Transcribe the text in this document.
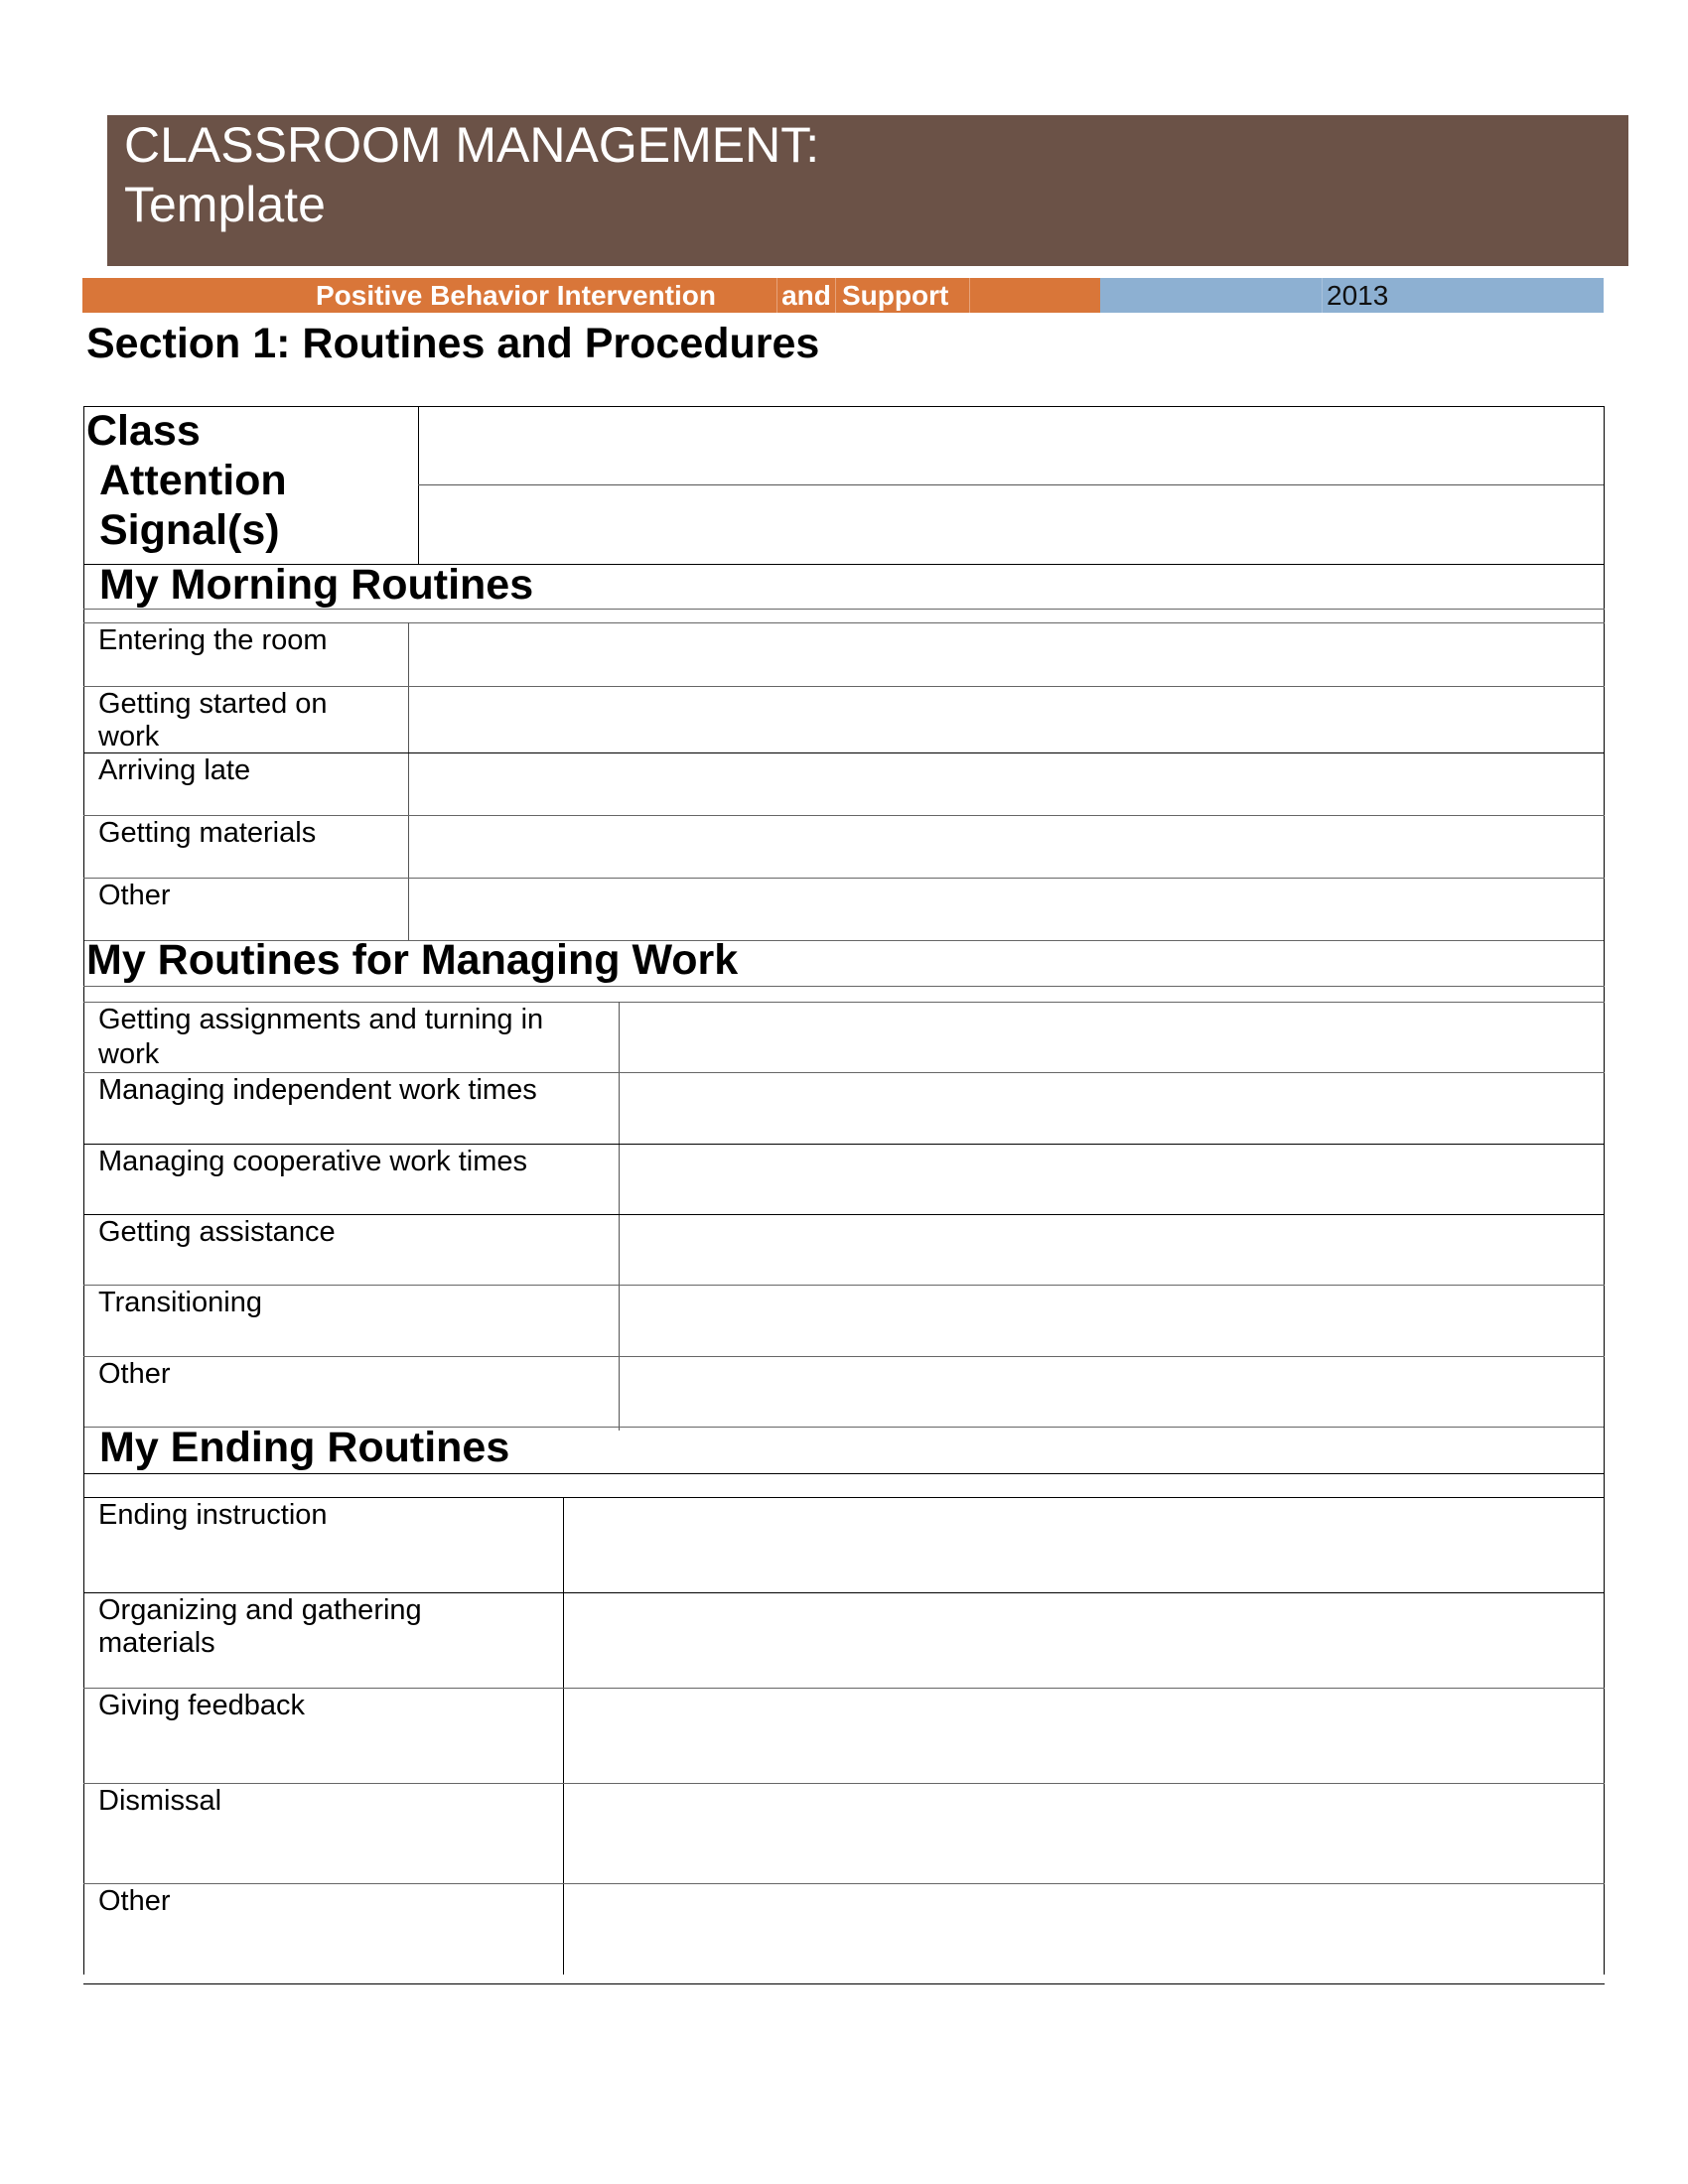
CLASSROOM MANAGEMENT:
Template
Positive Behavior Intervention	and Support	2013
Section 1: Routines and Procedures
Class
Attention
Signal(s)
My Morning Routines
Entering the room
Getting started on
work
Arriving late
Getting materials
Other
My Routines for Managing Work
Getting assignments and turning in
work
Managing independent work times
Managing cooperative work times
Getting assistance
Transitioning
Other
My Ending Routines
Ending instruction
Organizing and gathering
materials
Giving feedback
Dismissal
Other
